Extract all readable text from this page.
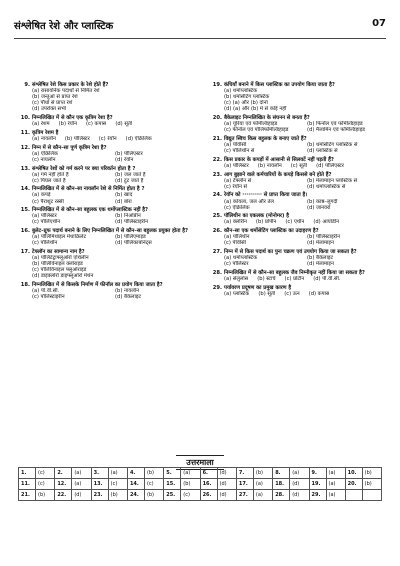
संश्लेषित रेशे और प्लास्टिक	07
9. संश्लेषित रेशे किस प्रकार के रेशे होते हैं?
(a) रासायनिक पदार्थों से निर्मित रेशे
(b) जन्तुओं से प्राप्त रेशे
(c) पौधों से प्राप्त रेशे
(d) उपरोक्त सभी
10. निम्नलिखित में से कौन एक कृत्रिम रेशा है?
(a) रेशम (b) रेयॉन (c) कपास (d) सूती
11. कृत्रिम रेशम है
(a) नायलॉन (b) पॉलिस्टर (c) रेयॉन (d) ऐक्रिलिक
12. निम्न में से कौन–सा पूर्ण कृत्रिम रेशा है?
(a) ऐक्रिलिक	(b) पॉलिएस्टर
(c) नायलॉन	(d) रेयॉन
13. संश्लेषित रेशों को गर्म करने पर क्या परिवर्तन होता है ?
(a) गर्म नहीं होते हैं	(b) जल जाते हैं
(c) पिघल जाते हैं	(d) टूट जाते हैं
14. निम्नलिखित में से कौन–सा नायलॉन रेशे से निर्मित होता है ?
(a) कपड़े	(b) खाद
(c) पैराशूट रस्सी	(d) बोरा
15. निम्नलिखित में से कौन–सा बहुलक एक थर्मोप्लास्टिक नहीं है?
(a) पॉलिस्टर	(b) निओप्रीन
(c) पॉलिएथीन	(d) पॉलिस्टाइरीन
16. बुलेट–प्रूफ पदार्थ बनाने के लिए निम्नलिखित में से कौन–सा बहुलक प्रयुक्त होता है?
(a) पॉलिमिथाइल मेथाक्रिलेट	(b) पॉलिएमाइड
(c) पॉलिथीन	(d) पॉलिकार्बोनेट्स
17. टेफ्लॉन का सामान्य नाम है?
(a) पॉलिटेट्राफ्लूओरो एथिलीन
(b) पॉलिविनाइल क्लोराइड
(c) पॉलिविनाइल फ्लुओराइड
(d) डाइक्लोरो डाइफ्लूओरो मेथेन
18. निम्नलिखित में से किसके निर्माण में फीनॉल का प्रयोग किया जाता है?
(a) पी.वी.सी.	(b) नायलॉन
(c) पॉलिस्टाइरीन	(d) बैकेलाइट
19. कंघियाँ बनाने में किस प्लास्टिक का उपयोग किया जाता है?
(a) थर्मोप्लास्टिक
(b) थर्मोसेटिंग प्लास्टिक
(c) (a) और (b) दोनों
(d) (a) और (b) में से कोई नहीं
20. बैकेलाइट निम्नलिखित के संघनन से बनता है?
(a) यूरिया एवं फॉर्मेल्डिहाइड	(b) फिनॉल एवं फॉर्मेल्डिहाइड
(c) फीनॉल एवं पॉलिफॉर्मेल्डिहाइड	(d) मैलामिन एवं फॉर्मेल्डिहाइड
21. विद्युत स्विच किस बहुलक के बनाए जाते हैं?
(a) पीवीसी	(b) थर्मोसेटिंग प्लास्टिक से
(c) पॉलिथीन से	(d) प्लास्टिक से
22. किस प्रकार के कपड़ों में आसानी से सिलवटें नहीं पड़ती हैं?
(a) पॉलिस्टर (b) नायलॉन (c) सूती (d) पॉलिएस्टर
23. आग बुझाने वाले कर्मचारियों के कपड़े किससे बने होते हैं?
(a) टेफ्लॉन से	(b) मेलामाइन प्लास्टिक से
(c) रेयॉन से	(d) थर्मोप्लास्टिक से
24. रेयॉन को ·········· से प्राप्त किया जाता है।
(a) कोयला, जल और तेल	(b) काष्ठ–लुगदी
(c) ऐक्रिलिक	(d) जानवरों
25. पॉलिथीन का एकलक (मोनोमर) है
(a) क्लोरीन (b) प्रोपीन (c) एथीन (d) आयोडीन
26. कौन–सा एक थर्मोसेटिंग प्लास्टिक का उदाहरण है?
(a) पॉलिथीन	(b) पॉलिस्टाइरीन
(c) पीवीसी	(d) मेलामाइन
27. निम्न में से किस पदार्थ का पुनः चक्रण एवं उपयोग किया जा सकता है?
(a) थर्मोप्लास्टिक	(b) बैकेलाइट
(c) पॉलिस्टर	(d) मेलामाइन
28. निम्नलिखित में से कौन–सा बहुलक जैव निम्नीकृत नहीं किया जा सकता है?
(a) सेलुलोस (b) स्टार्च (c) प्रोटीन (d) पी.वी.सी.
29. पर्यावरण प्रदूषण का प्रमुख कारण है
(a) प्लास्टिक (b) सूती (c) ऊन (d) कपास
उत्तरमाला
1.	(c)	2.	(a)	3.	(a)	4.	(b)	5.	(a)	6.	(d)	7.	(b)	8.	(a)	9.	(a)	10.	(b)
11.	(c)	12.	(a)	13.	(c)	14.	(c)	15.	(b)	16.	(d)	17.	(a)	18.	(d)	19.	(a)	20.	(b)
21.	(b)	22.	(d)	23.	(b)	24.	(b)	25.	(c)	26.	(d)	27.	(a)	28.	(d)	29.	(a)		
